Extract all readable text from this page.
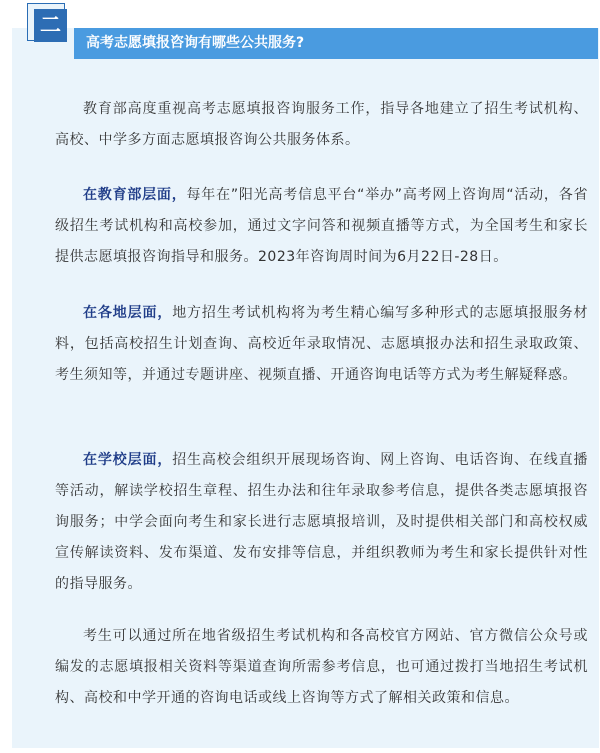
二
高考志愿填报咨询有哪些公共服务?

教育部高度重视高考志愿填报咨询服务工作，指导各地建立了招生考试机构、高校、中学多方面志愿填报咨询公共服务体系。

在教育部层面，每年在”阳光高考信息平台“举办”高考网上咨询周“活动，各省级招生考试机构和高校参加，通过文字问答和视频直播等方式，为全国考生和家长提供志愿填报咨询指导和服务。2023年咨询周时间为6月22日-28日。

在各地层面，地方招生考试机构将为考生精心编写多种形式的志愿填报服务材料，包括高校招生计划查询、高校近年录取情况、志愿填报办法和招生录取政策、考生须知等，并通过专题讲座、视频直播、开通咨询电话等方式为考生解疑释惑。

在学校层面，招生高校会组织开展现场咨询、网上咨询、电话咨询、在线直播等活动，解读学校招生章程、招生办法和往年录取参考信息，提供各类志愿填报咨询服务；中学会面向考生和家长进行志愿填报培训，及时提供相关部门和高校权威宣传解读资料、发布渠道、发布安排等信息，并组织教师为考生和家长提供针对性的指导服务。

考生可以通过所在地省级招生考试机构和各高校官方网站、官方微信公众号或编发的志愿填报相关资料等渠道查询所需参考信息，也可通过拨打当地招生考试机构、高校和中学开通的咨询电话或线上咨询等方式了解相关政策和信息。
